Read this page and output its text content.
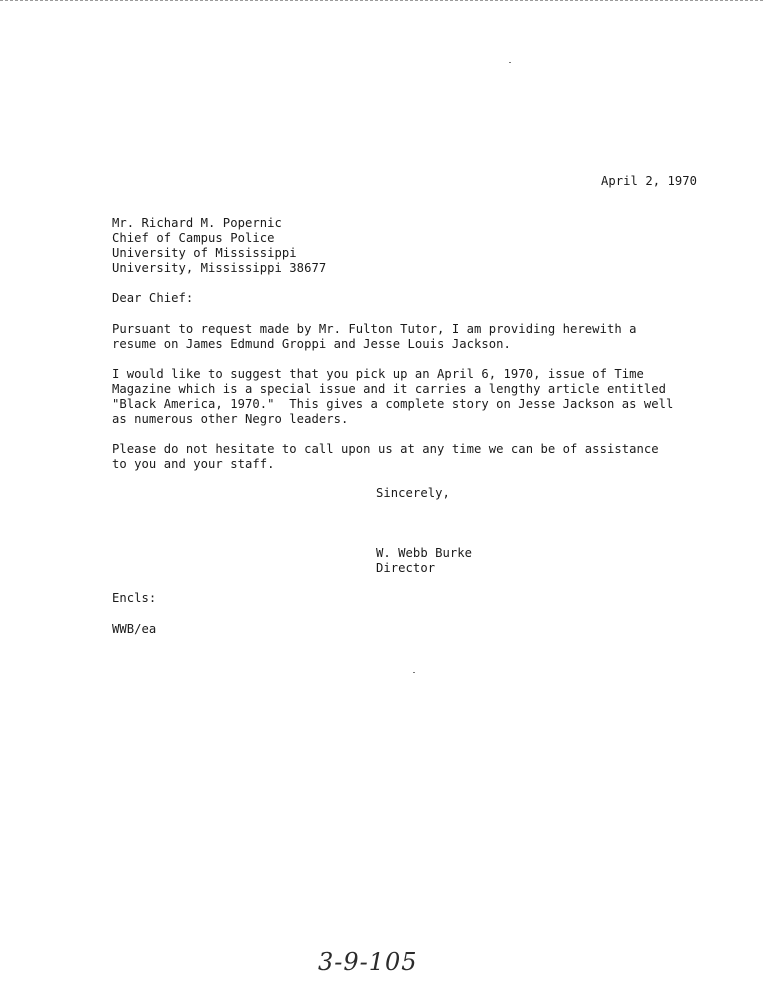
April 2, 1970
Mr. Richard M. Popernic
Chief of Campus Police
University of Mississippi
University, Mississippi 38677
Dear Chief:
Pursuant to request made by Mr. Fulton Tutor, I am providing herewith a
resume on James Edmund Groppi and Jesse Louis Jackson.
I would like to suggest that you pick up an April 6, 1970, issue of Time
Magazine which is a special issue and it carries a lengthy article entitled
"Black America, 1970."  This gives a complete story on Jesse Jackson as well
as numerous other Negro leaders.
Please do not hesitate to call upon us at any time we can be of assistance
to you and your staff.
Sincerely,
W. Webb Burke
Director
Encls:
WWB/ea
3-9-105
